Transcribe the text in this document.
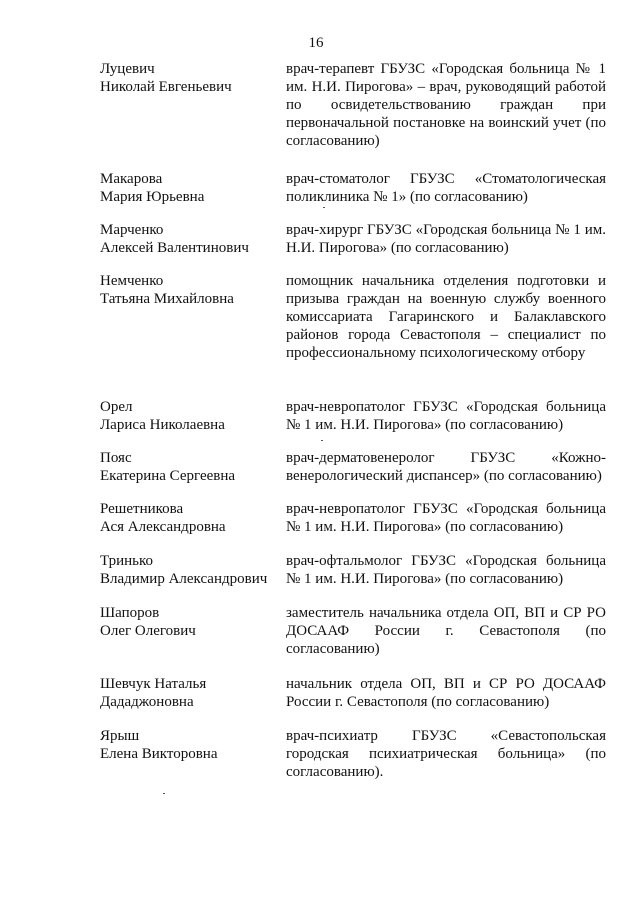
16
Луцевич
Николай Евгеньевич
врач-терапевт ГБУЗС «Городская больница № 1 им. Н.И. Пирогова» – врач, руководящий работой по освидетельствованию граждан при первоначальной постановке на воинский учет (по согласованию)
Макарова
Мария Юрьевна
врач-стоматолог ГБУЗС «Стоматологическая поликлиника № 1» (по согласованию)
Марченко
Алексей Валентинович
врач-хирург ГБУЗС «Городская больница № 1 им. Н.И. Пирогова» (по согласованию)
Немченко
Татьяна Михайловна
помощник начальника отделения подготовки и призыва граждан на военную службу военного комиссариата Гагаринского и Балаклавского районов города Севастополя – специалист по профессиональному психологическому отбору
Орел
Лариса Николаевна
врач-невропатолог ГБУЗС «Городская больница № 1 им. Н.И. Пирогова» (по согласованию)
Пояс
Екатерина Сергеевна
врач-дерматовенеролог ГБУЗС «Кожно-венерологический диспансер» (по согласованию)
Решетникова
Ася Александровна
врач-невропатолог ГБУЗС «Городская больница № 1 им. Н.И. Пирогова» (по согласованию)
Тринько
Владимир Александрович
врач-офтальмолог ГБУЗС «Городская больница № 1 им. Н.И. Пирогова» (по согласованию)
Шапоров
Олег Олегович
заместитель начальника отдела ОП, ВП и СР РО ДОСААФ России г. Севастополя (по согласованию)
Шевчук Наталья
Дададжоновна
начальник отдела ОП, ВП и СР РО ДОСААФ России г. Севастополя (по согласованию)
Ярыш
Елена Викторовна
врач-психиатр ГБУЗС «Севастопольская городская психиатрическая больница» (по согласованию).
